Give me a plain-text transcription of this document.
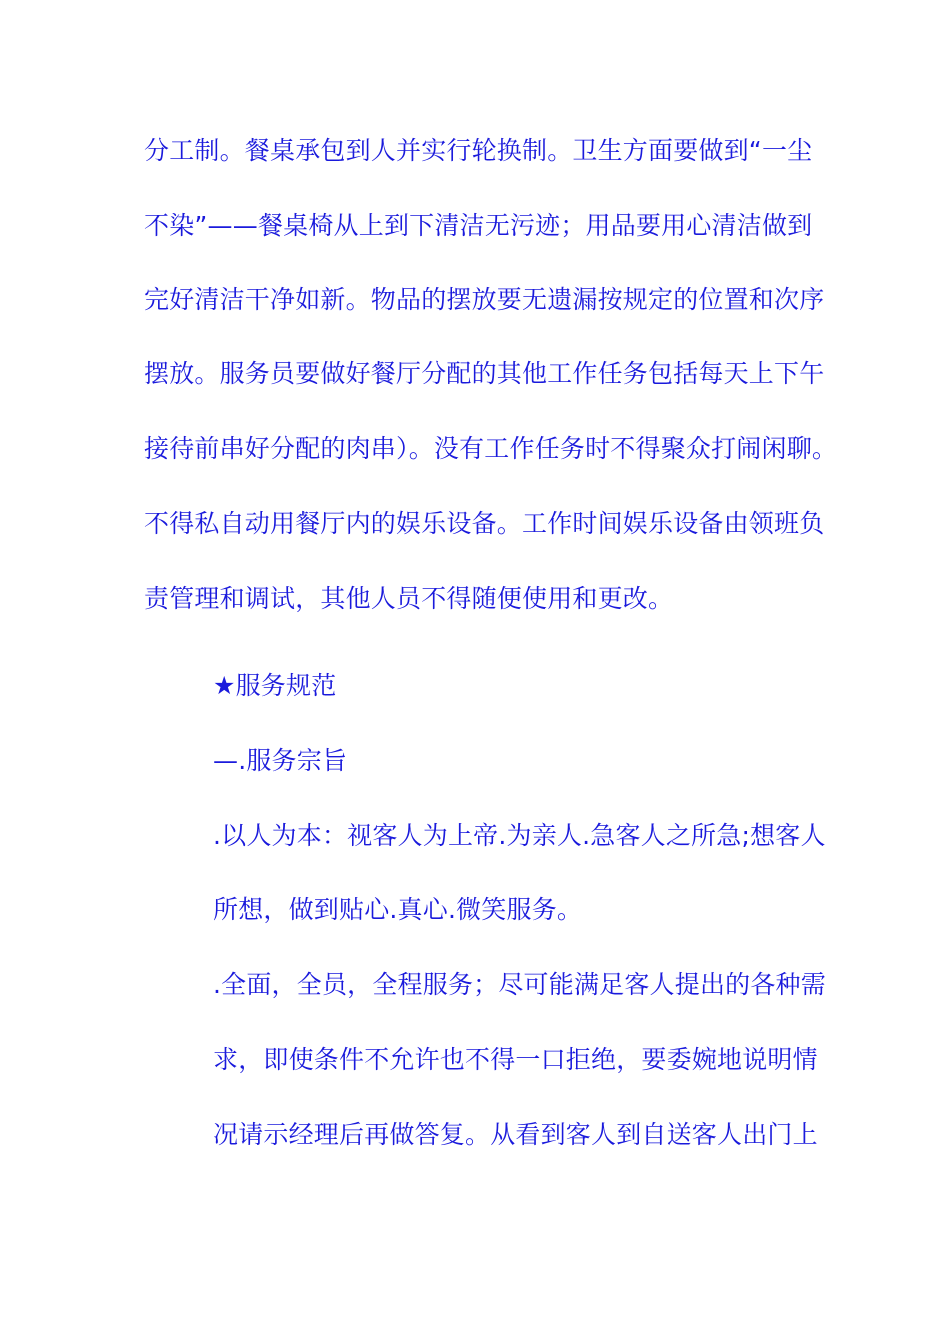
分工制。餐桌承包到人并实行轮换制。卫生方面要做到“一尘

不染”——餐桌椅从上到下清洁无污迹；用品要用心清洁做到

完好清洁干净如新。物品的摆放要无遗漏按规定的位置和次序

摆放。服务员要做好餐厅分配的其他工作任务包括每天上下午

接待前串好分配的肉串）。没有工作任务时不得聚众打闹闲聊。

不得私自动用餐厅内的娱乐设备。工作时间娱乐设备由领班负

责管理和调试，其他人员不得随便使用和更改。

★服务规范

—.服务宗旨

.以人为本：视客人为上帝.为亲人.急客人之所急;想客人

所想，做到贴心.真心.微笑服务。

.全面，全员，全程服务；尽可能满足客人提出的各种需

求，即使条件不允许也不得一口拒绝，要委婉地说明情

况请示经理后再做答复。从看到客人到自送客人出门上
